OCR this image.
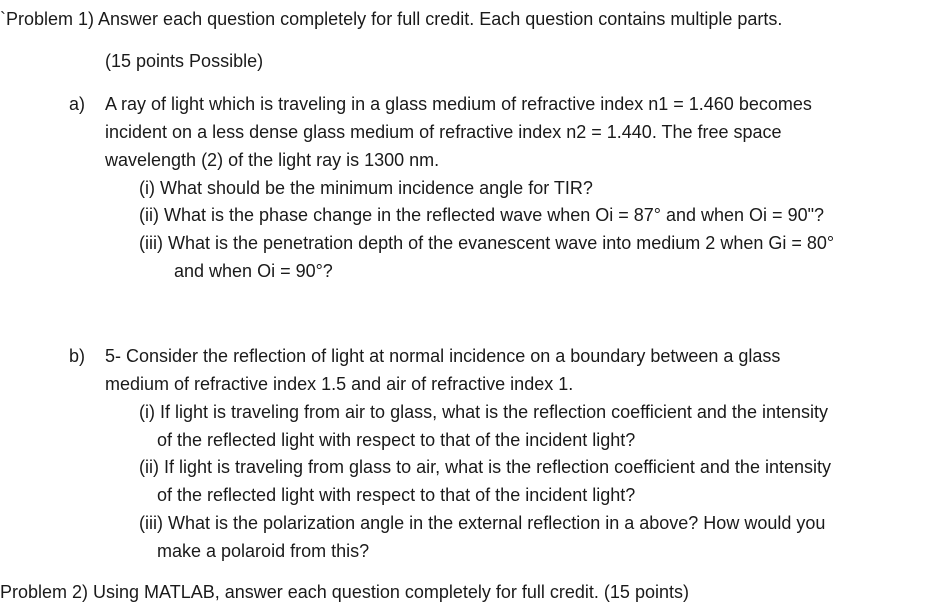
`Problem 1) Answer each question completely for full credit. Each question contains multiple parts.
(15 points Possible)
a) A ray of light which is traveling in a glass medium of refractive index n1 = 1.460 becomes
incident on a less dense glass medium of refractive index n2 = 1.440. The free space
wavelength (2) of the light ray is 1300 nm.
(i) What should be the minimum incidence angle for TIR?
(ii) What is the phase change in the reflected wave when Oi = 87° and when Oi = 90"?
(iii) What is the penetration depth of the evanescent wave into medium 2 when Gi = 80°
and when Oi = 90°?
b) 5- Consider the reflection of light at normal incidence on a boundary between a glass
medium of refractive index 1.5 and air of refractive index 1.
(i) If light is traveling from air to glass, what is the reflection coefficient and the intensity
of the reflected light with respect to that of the incident light?
(ii) If light is traveling from glass to air, what is the reflection coefficient and the intensity
of the reflected light with respect to that of the incident light?
(iii) What is the polarization angle in the external reflection in a above? How would you
make a polaroid from this?
Problem 2) Using MATLAB, answer each question completely for full credit. (15 points)
